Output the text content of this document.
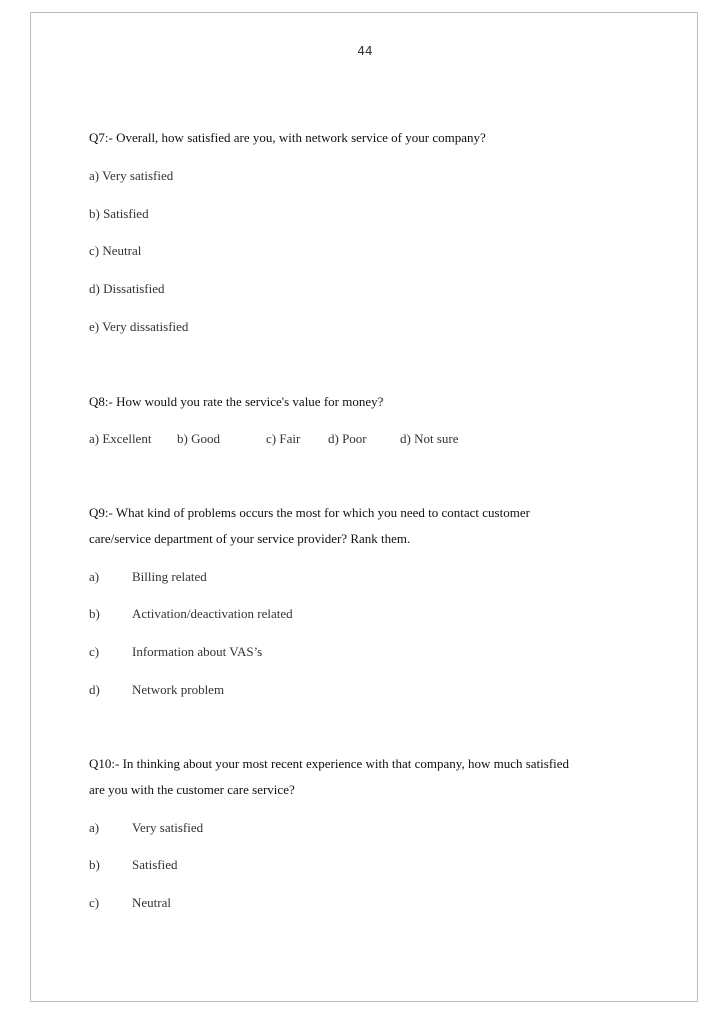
44
Q7:- Overall, how satisfied are you, with network service of your company?
a) Very satisfied
b) Satisfied
c) Neutral
d) Dissatisfied
e) Very dissatisfied
Q8:- How would you rate the service's value for money?
a) Excellent b) Good	c) Fair d) Poor	d) Not sure
Q9:- What kind of problems occurs the most for which you need to contact customer
care/service department of your service provider? Rank them.
a)	Billing related
b) Activation/deactivation related
c)	Information about VAS’s
d) Network problem
Q10:- In thinking about your most recent experience with that company, how much satisfied
are you with the customer care service?
a)	Very satisfied
b) Satisfied
c)	Neutral
